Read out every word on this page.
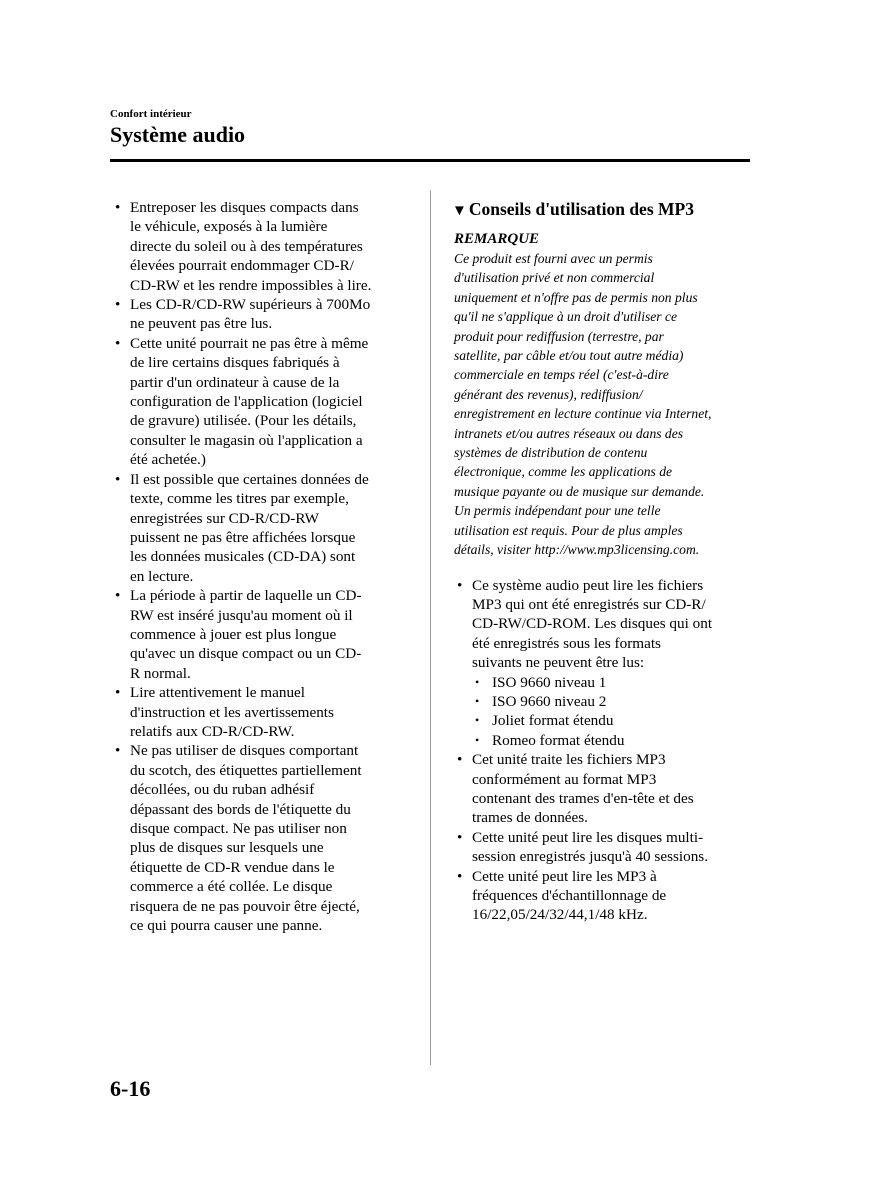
Confort intérieur
Système audio
• Entreposer les disques compacts dans
le véhicule, exposés à la lumière
directe du soleil ou à des températures
élevées pourrait endommager CD-R/
CD-RW et les rendre impossibles à lire.
• Les CD-R/CD-RW supérieurs à 700Mo
ne peuvent pas être lus.
• Cette unité pourrait ne pas être à même
de lire certains disques fabriqués à
partir d'un ordinateur à cause de la
configuration de l'application (logiciel
de gravure) utilisée. (Pour les détails,
consulter le magasin où l'application a
été achetée.)
• Il est possible que certaines données de
texte, comme les titres par exemple,
enregistrées sur CD-R/CD-RW
puissent ne pas être affichées lorsque
les données musicales (CD-DA) sont
en lecture.
• La période à partir de laquelle un CD-
RW est inséré jusqu'au moment où il
commence à jouer est plus longue
qu'avec un disque compact ou un CD-
R normal.
• Lire attentivement le manuel
d'instruction et les avertissements
relatifs aux CD-R/CD-RW.
• Ne pas utiliser de disques comportant
du scotch, des étiquettes partiellement
décollées, ou du ruban adhésif
dépassant des bords de l'étiquette du
disque compact. Ne pas utiliser non
plus de disques sur lesquels une
étiquette de CD-R vendue dans le
commerce a été collée. Le disque
risquera de ne pas pouvoir être éjecté,
ce qui pourra causer une panne.
▼ Conseils d'utilisation des MP3
REMARQUE
Ce produit est fourni avec un permis
d'utilisation privé et non commercial
uniquement et n'offre pas de permis non plus
qu'il ne s'applique à un droit d'utiliser ce
produit pour rediffusion (terrestre, par
satellite, par câble et/ou tout autre média)
commerciale en temps réel (c'est-à-dire
générant des revenus), rediffusion/
enregistrement en lecture continue via Internet,
intranets et/ou autres réseaux ou dans des
systèmes de distribution de contenu
électronique, comme les applications de
musique payante ou de musique sur demande.
Un permis indépendant pour une telle
utilisation est requis. Pour de plus amples
détails, visiter http://www.mp3licensing.com.
• Ce système audio peut lire les fichiers
MP3 qui ont été enregistrés sur CD-R/
CD-RW/CD-ROM. Les disques qui ont
été enregistrés sous les formats
suivants ne peuvent être lus:
• ISO 9660 niveau 1
• ISO 9660 niveau 2
• Joliet format étendu
• Romeo format étendu
• Cet unité traite les fichiers MP3
conformément au format MP3
contenant des trames d'en-tête et des
trames de données.
• Cette unité peut lire les disques multi-
session enregistrés jusqu'à 40 sessions.
• Cette unité peut lire les MP3 à
fréquences d'échantillonnage de
16/22,05/24/32/44,1/48 kHz.
6-16
